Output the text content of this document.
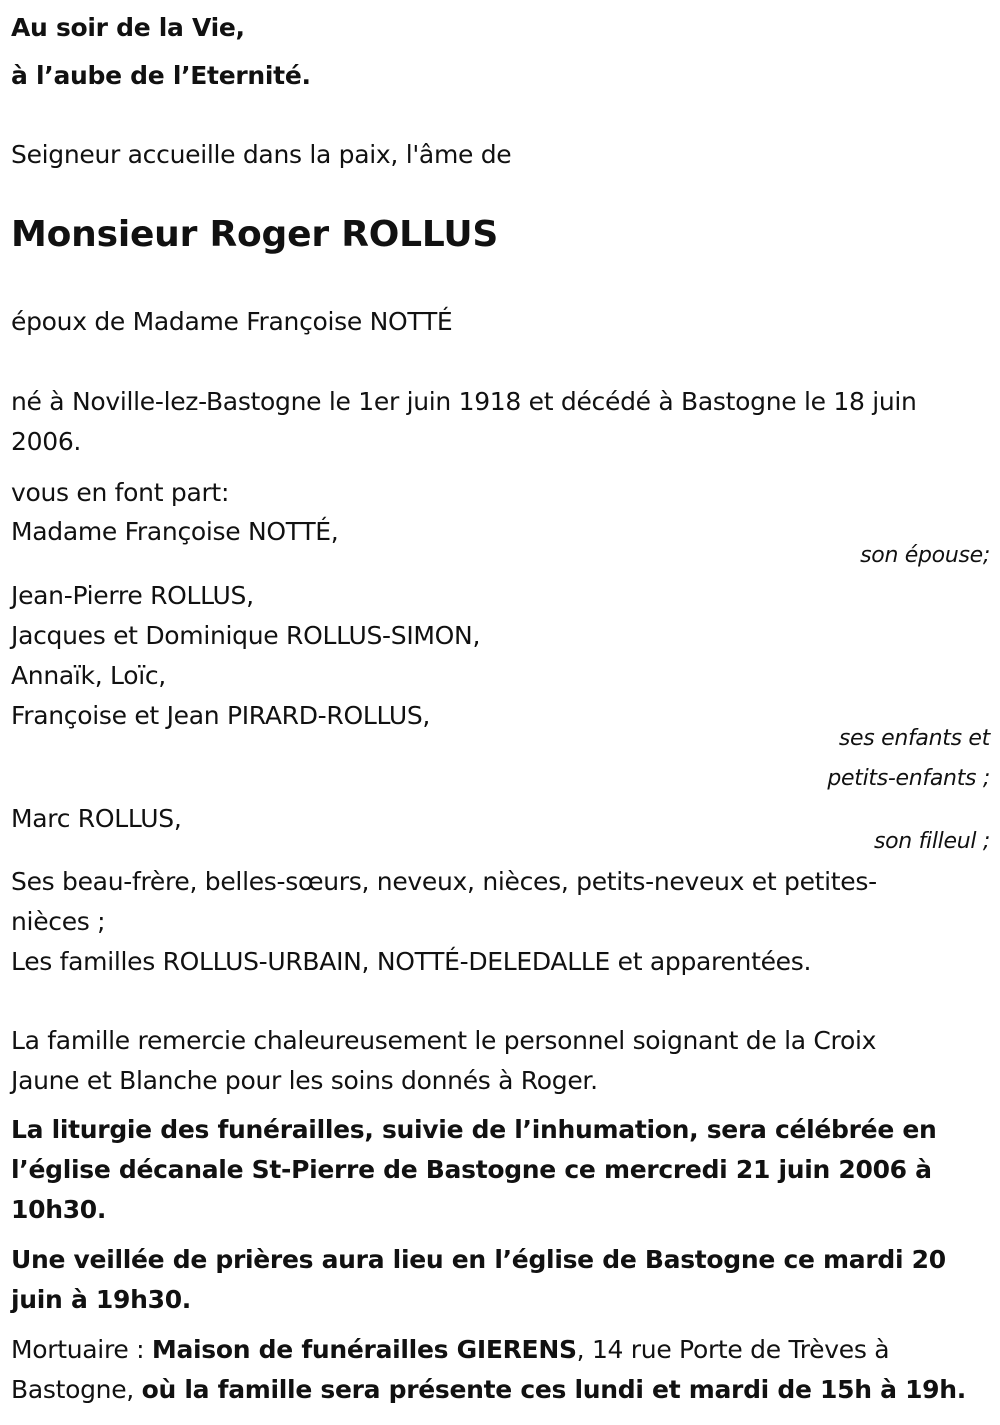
Au soir de la Vie,
à l’aube de l’Eternité.
Seigneur accueille dans la paix, l'âme de
Monsieur Roger ROLLUS
époux de Madame Françoise NOTTÉ
né à Noville-lez-Bastogne le 1er juin 1918 et décédé à Bastogne le 18 juin
2006.
vous en font part:
Madame Françoise NOTTÉ,
son épouse;
Jean-Pierre ROLLUS,
Jacques et Dominique ROLLUS-SIMON,
Annaïk, Loïc,
Françoise et Jean PIRARD-ROLLUS,
ses enfants et
petits-enfants ;
Marc ROLLUS,
son filleul ;
Ses beau-frère, belles-sœurs, neveux, nièces, petits-neveux et petites-
nièces ;
Les familles ROLLUS-URBAIN, NOTTÉ-DELEDALLE et apparentées.
La famille remercie chaleureusement le personnel soignant de la Croix
Jaune et Blanche pour les soins donnés à Roger.
La liturgie des funérailles, suivie de l’inhumation, sera célébrée en
l’église décanale St-Pierre de Bastogne ce mercredi 21 juin 2006 à
10h30.
Une veillée de prières aura lieu en l’église de Bastogne ce mardi 20
juin à 19h30.
Mortuaire : Maison de funérailles GIERENS, 14 rue Porte de Trèves à
Bastogne, où la famille sera présente ces lundi et mardi de 15h à 19h.
